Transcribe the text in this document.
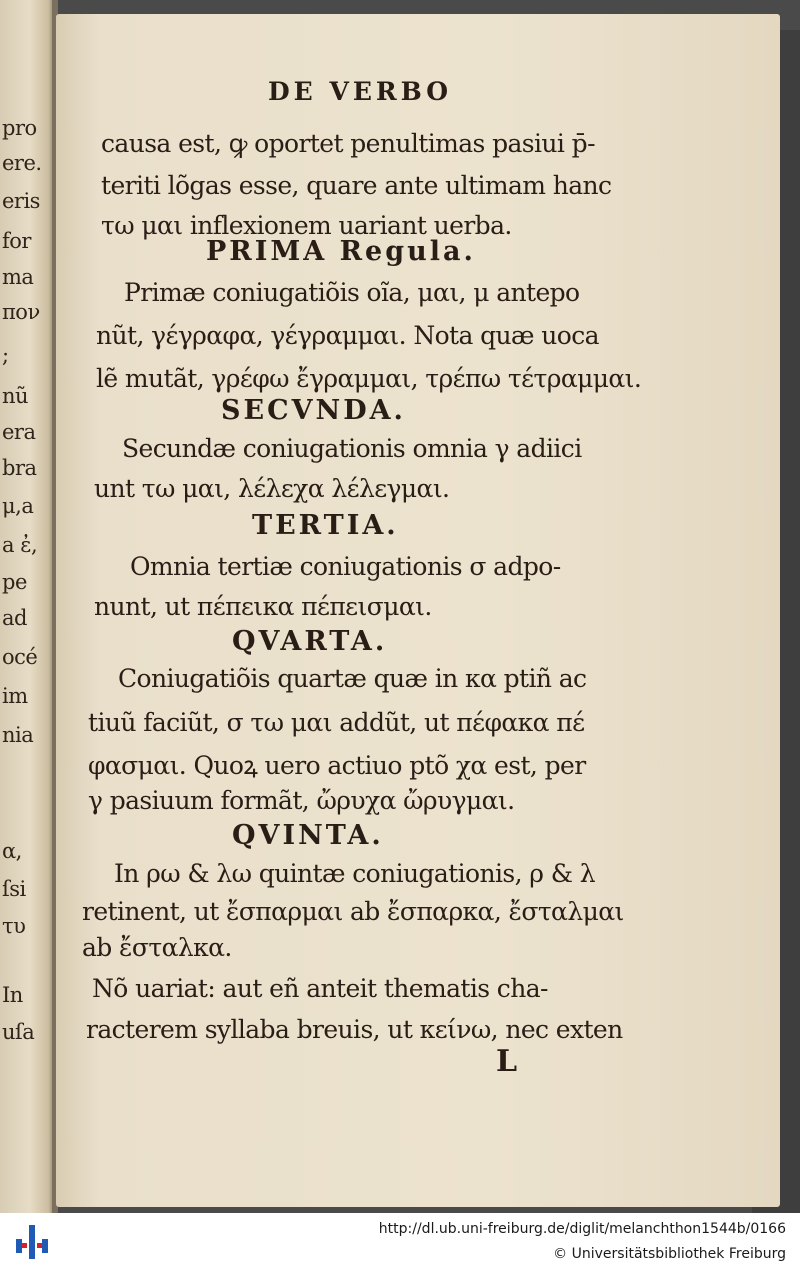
pro
ere.
eris
for
ma
πον
;
nũ
era
bra
μ,a
a ἐ,
pe
ad
océ
im
nia
α,
ſsi
τυ
In
uſa
DE VERBO
causa est, ꝙ oportet penultimas pasiui p̄-
teriti lõgas esse, quare ante ultimam hanc
τω μαι inflexionem uariant uerba.
PRIMA Regula.
Primæ coniugatiõis oĩa, μαι, μ antepo
nũt, γέγραφα, γέγραμμαι. Nota quæ uoca
lẽ mutãt, γρέφω ἔγραμμαι, τρέπω τέτραμμαι.
SECVNDA.
Secundæ coniugationis omnia γ adiici
unt τω μαι, λέλεχα λέλεγμαι.
TERTIA.
Omnia tertiæ coniugationis σ adpo-
nunt, ut πέπεικα πέπεισμαι.
QVARTA.
Coniugatiõis quartæ quæ in κα ptiñ ac
tiuũ faciũt, σ τω μαι addũt, ut πέφακα πέ
φασμαι. Quoꝝ uero actiuo ptõ χα est, per
γ pasiuum formãt, ὤρυχα ὤρυγμαι.
QVINTA.
In ρω & λω quintæ coniugationis, ρ & λ
retinent, ut ἔσπαρμαι ab ἔσπαρκα, ἔσταλμαι
ab ἔσταλκα.
Nõ uariat: aut eñ anteit thematis cha-
racterem syllaba breuis, ut κείνω, nec exten
L
http://dl.ub.uni-freiburg.de/diglit/melanchthon1544b/0166
© Universitätsbibliothek Freiburg
